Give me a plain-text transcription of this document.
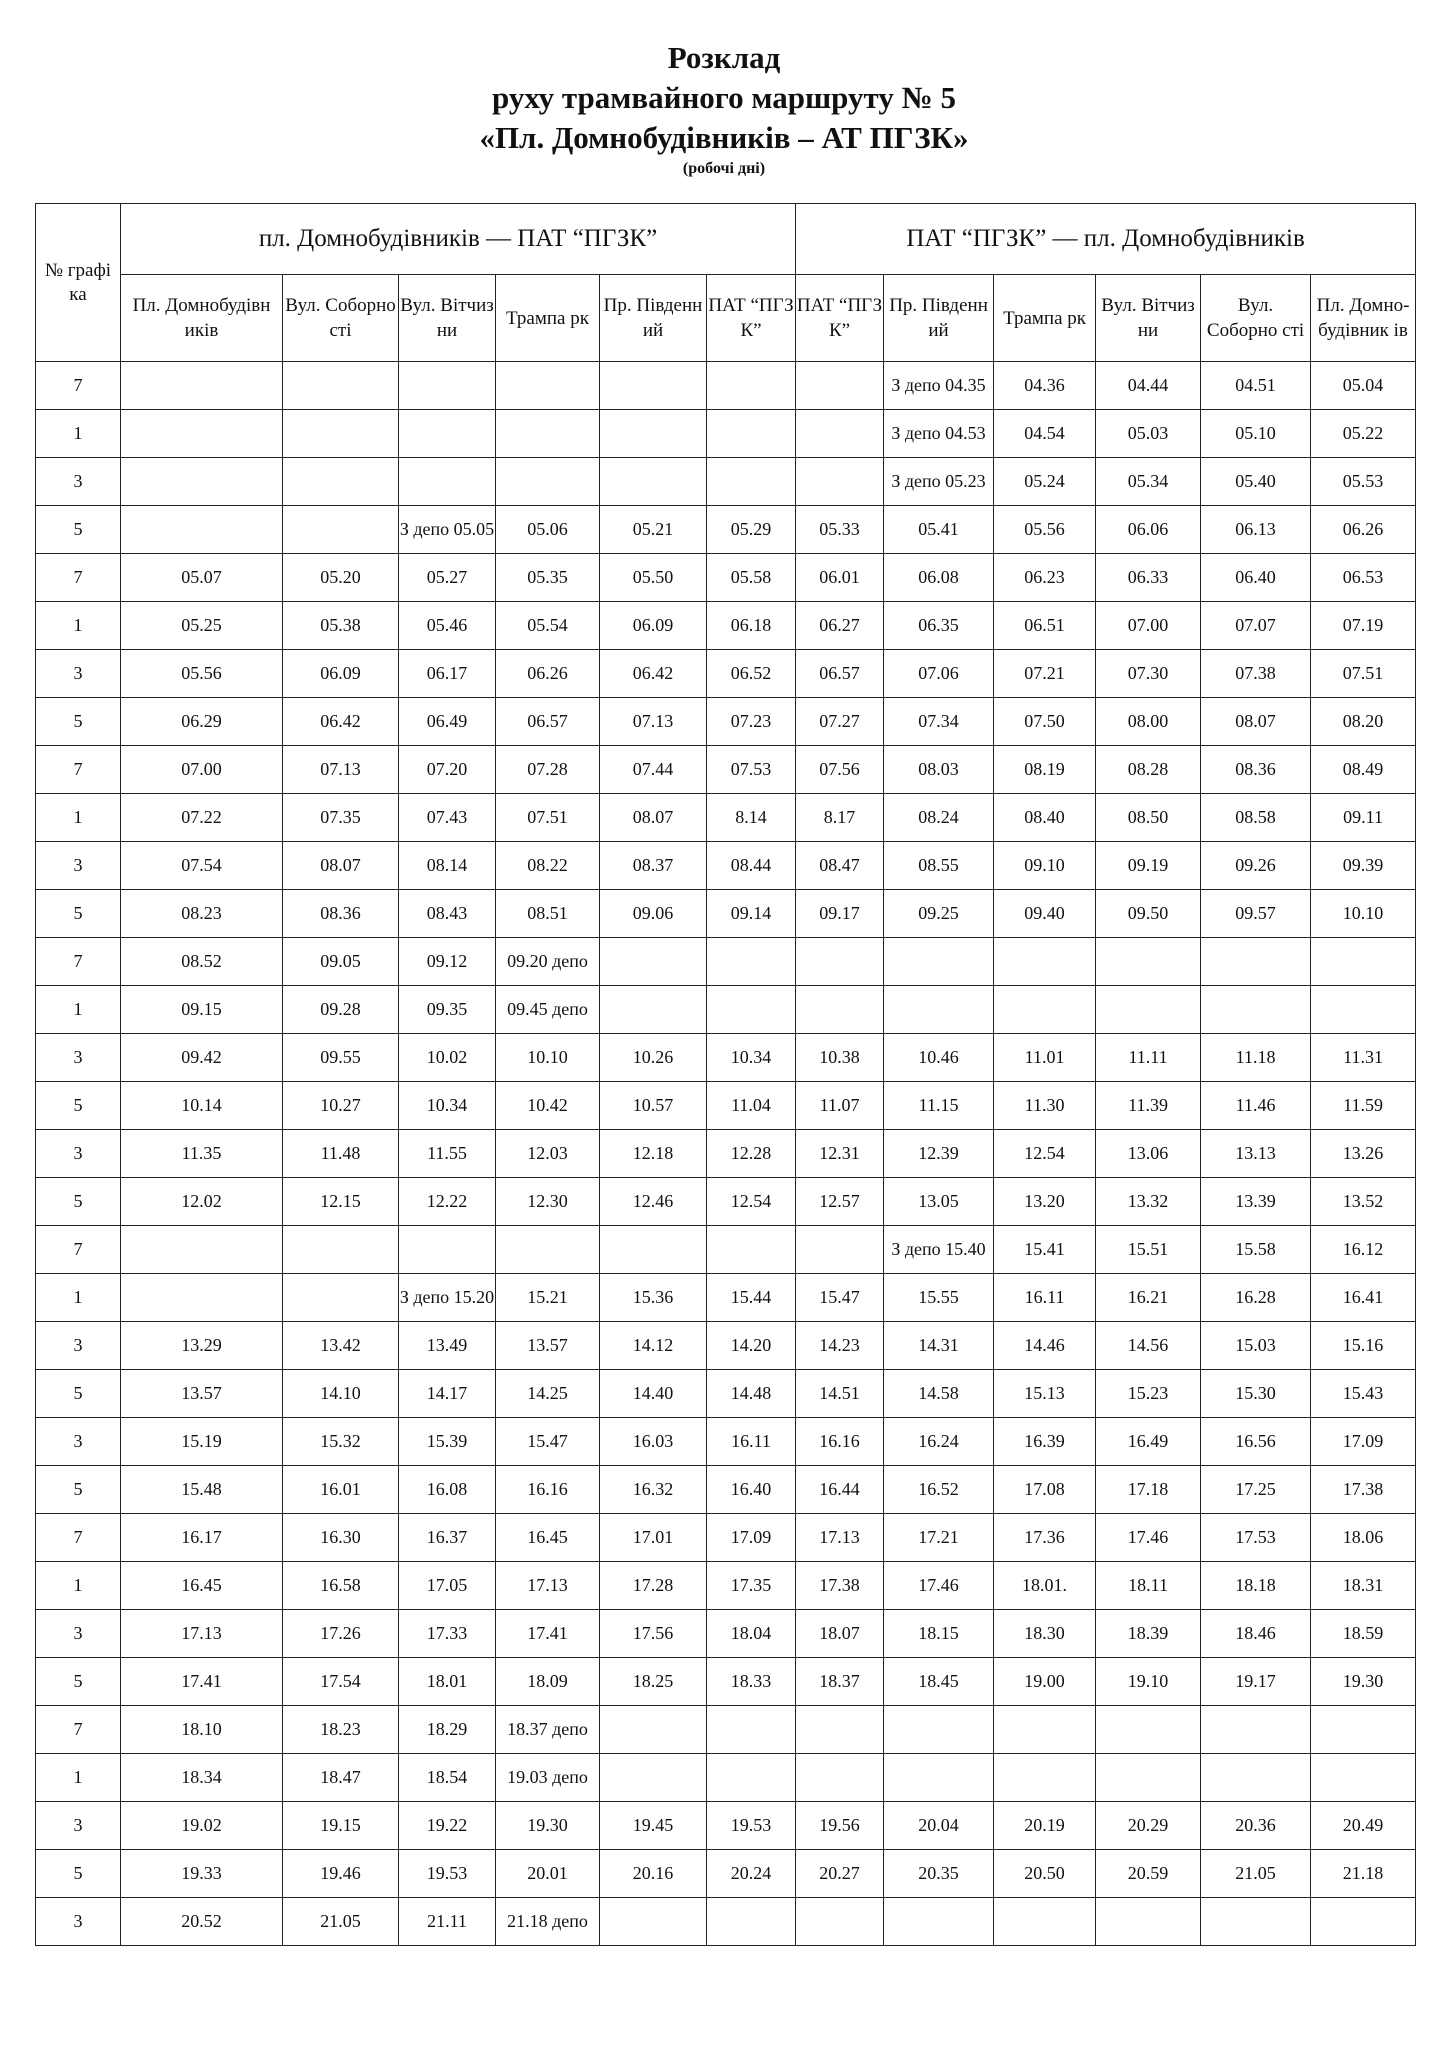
Розклад
руху трамвайного маршруту № 5
«Пл. Домнобудівників – АТ ПГЗК»
(робочі дні)
№ графі ка	пл. Домнобудівників — ПАТ “ПГЗК”						ПАТ “ПГЗК” — пл. Домнобудівників					
	Пл. Домнобудівн иків	Вул. Соборно сті	Вул. Вітчиз ни	Трампа рк	Пр. Південн ий	ПАТ “ПГЗ К”	ПАТ “ПГЗ К”	Пр. Південн ий	Трампа рк	Вул. Вітчиз ни	Вул. Соборно сті	Пл. Домно- будівник ів
7								З депо 04.35	04.36	04.44	04.51	05.04
1								З депо 04.53	04.54	05.03	05.10	05.22
3								З депо 05.23	05.24	05.34	05.40	05.53
5			З депо 05.05	05.06	05.21	05.29	05.33	05.41	05.56	06.06	06.13	06.26
7	05.07	05.20	05.27	05.35	05.50	05.58	06.01	06.08	06.23	06.33	06.40	06.53
1	05.25	05.38	05.46	05.54	06.09	06.18	06.27	06.35	06.51	07.00	07.07	07.19
3	05.56	06.09	06.17	06.26	06.42	06.52	06.57	07.06	07.21	07.30	07.38	07.51
5	06.29	06.42	06.49	06.57	07.13	07.23	07.27	07.34	07.50	08.00	08.07	08.20
7	07.00	07.13	07.20	07.28	07.44	07.53	07.56	08.03	08.19	08.28	08.36	08.49
1	07.22	07.35	07.43	07.51	08.07	8.14	8.17	08.24	08.40	08.50	08.58	09.11
3	07.54	08.07	08.14	08.22	08.37	08.44	08.47	08.55	09.10	09.19	09.26	09.39
5	08.23	08.36	08.43	08.51	09.06	09.14	09.17	09.25	09.40	09.50	09.57	10.10
7	08.52	09.05	09.12	09.20 депо								
1	09.15	09.28	09.35	09.45 депо								
3	09.42	09.55	10.02	10.10	10.26	10.34	10.38	10.46	11.01	11.11	11.18	11.31
5	10.14	10.27	10.34	10.42	10.57	11.04	11.07	11.15	11.30	11.39	11.46	11.59
3	11.35	11.48	11.55	12.03	12.18	12.28	12.31	12.39	12.54	13.06	13.13	13.26
5	12.02	12.15	12.22	12.30	12.46	12.54	12.57	13.05	13.20	13.32	13.39	13.52
7								З депо 15.40	15.41	15.51	15.58	16.12
1			З депо 15.20	15.21	15.36	15.44	15.47	15.55	16.11	16.21	16.28	16.41
3	13.29	13.42	13.49	13.57	14.12	14.20	14.23	14.31	14.46	14.56	15.03	15.16
5	13.57	14.10	14.17	14.25	14.40	14.48	14.51	14.58	15.13	15.23	15.30	15.43
3	15.19	15.32	15.39	15.47	16.03	16.11	16.16	16.24	16.39	16.49	16.56	17.09
5	15.48	16.01	16.08	16.16	16.32	16.40	16.44	16.52	17.08	17.18	17.25	17.38
7	16.17	16.30	16.37	16.45	17.01	17.09	17.13	17.21	17.36	17.46	17.53	18.06
1	16.45	16.58	17.05	17.13	17.28	17.35	17.38	17.46	18.01.	18.11	18.18	18.31
3	17.13	17.26	17.33	17.41	17.56	18.04	18.07	18.15	18.30	18.39	18.46	18.59
5	17.41	17.54	18.01	18.09	18.25	18.33	18.37	18.45	19.00	19.10	19.17	19.30
7	18.10	18.23	18.29	18.37 депо								
1	18.34	18.47	18.54	19.03 депо								
3	19.02	19.15	19.22	19.30	19.45	19.53	19.56	20.04	20.19	20.29	20.36	20.49
5	19.33	19.46	19.53	20.01	20.16	20.24	20.27	20.35	20.50	20.59	21.05	21.18
3	20.52	21.05	21.11	21.18 депо								
